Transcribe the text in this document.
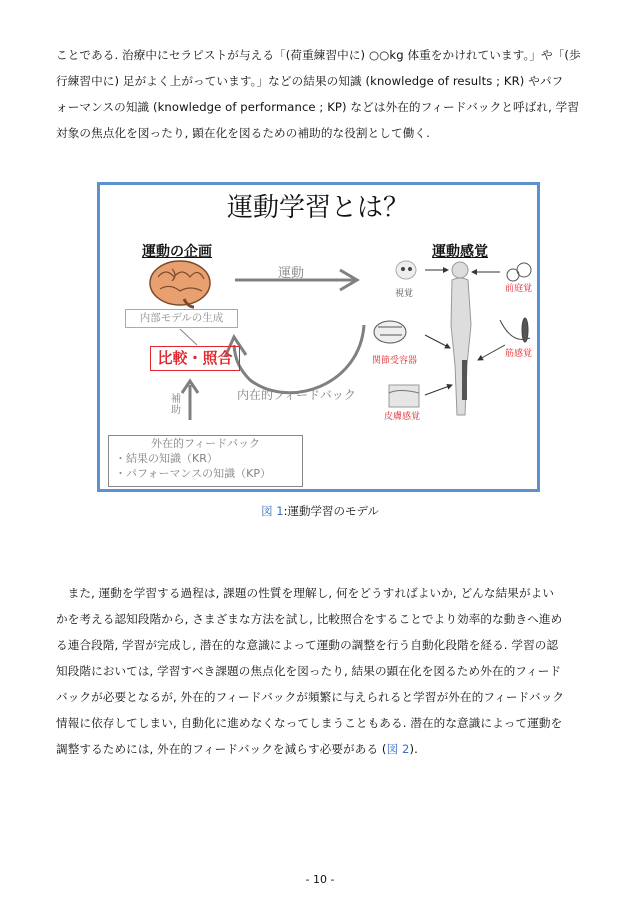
ことである. 治療中にセラピストが与える「(荷重練習中に) ○○kg 体重をかけれています。」や「(歩
行練習中に) 足がよく上がっています。」などの結果の知識 (knowledge of results ; KR) やパフ
ォーマンスの知識 (knowledge of performance ; KP) などは外在的フィードバックと呼ばれ, 学習
対象の焦点化を図ったり, 顕在化を図るための補助的な役割として働く.
運動学習とは？
運動の企画
運動
内部モデルの生成
比較・照合
内在的フィードバック
補助
外在的フィードバック
・結果の知識（KR）
・パフォーマンスの知識（KP）
運動感覚
視覚	前庭覚
関節受容器
筋感覚
皮膚感覚
図 1:運動学習のモデル
　また, 運動を学習する過程は, 課題の性質を理解し, 何をどうすればよいか, どんな結果がよい
かを考える認知段階から, さまざまな方法を試し, 比較照合をすることでより効率的な動きへ進め
る連合段階, 学習が完成し, 潜在的な意識によって運動の調整を行う自動化段階を経る. 学習の認
知段階においては, 学習すべき課題の焦点化を図ったり, 結果の顕在化を図るため外在的フィード
バックが必要となるが, 外在的フィードバックが頻繁に与えられると学習が外在的フィードバック
情報に依存してしまい, 自動化に進めなくなってしまうこともある. 潜在的な意識によって運動を
調整するためには, 外在的フィードバックを減らす必要がある (図 2).
- 10 -
